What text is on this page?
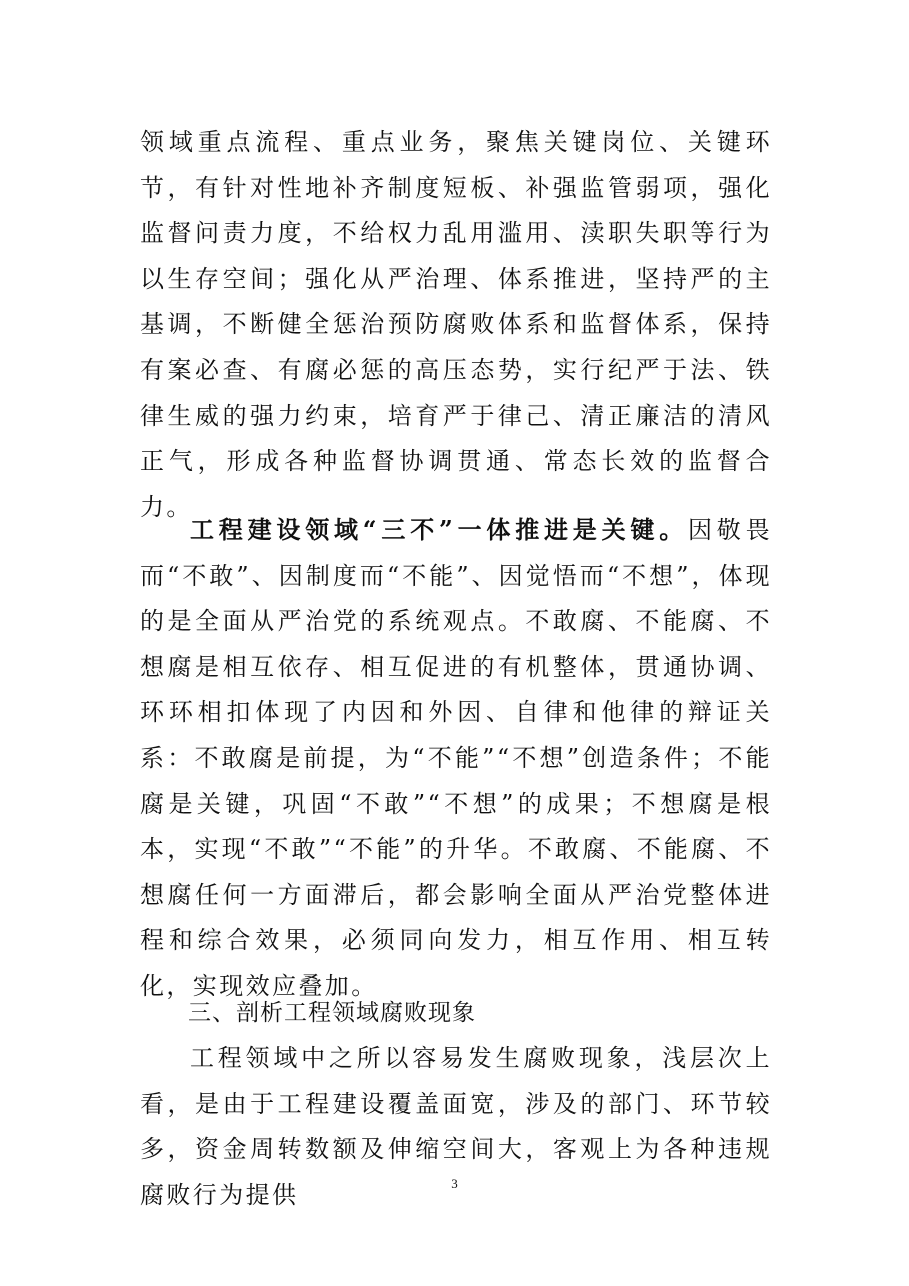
领域重点流程、重点业务，聚焦关键岗位、关键环节，有针对性地补齐制度短板、补强监管弱项，强化监督问责力度，不给权力乱用滥用、渎职失职等行为以生存空间；强化从严治理、体系推进，坚持严的主基调，不断健全惩治预防腐败体系和监督体系，保持有案必查、有腐必惩的高压态势，实行纪严于法、铁律生威的强力约束，培育严于律己、清正廉洁的清风正气，形成各种监督协调贯通、常态长效的监督合力。
工程建设领域“三不”一体推进是关键。因敬畏而“不敢”、因制度而“不能”、因觉悟而“不想”，体现的是全面从严治党的系统观点。不敢腐、不能腐、不想腐是相互依存、相互促进的有机整体，贯通协调、环环相扣体现了内因和外因、自律和他律的辩证关系：不敢腐是前提，为“不能”“不想”创造条件；不能腐是关键，巩固“不敢”“不想”的成果；不想腐是根本，实现“不敢”“不能”的升华。不敢腐、不能腐、不想腐任何一方面滞后，都会影响全面从严治党整体进程和综合效果，必须同向发力，相互作用、相互转化，实现效应叠加。
三、剖析工程领域腐败现象
工程领域中之所以容易发生腐败现象，浅层次上看，是由于工程建设覆盖面宽，涉及的部门、环节较多，资金周转数额及伸缩空间大，客观上为各种违规腐败行为提供	3
